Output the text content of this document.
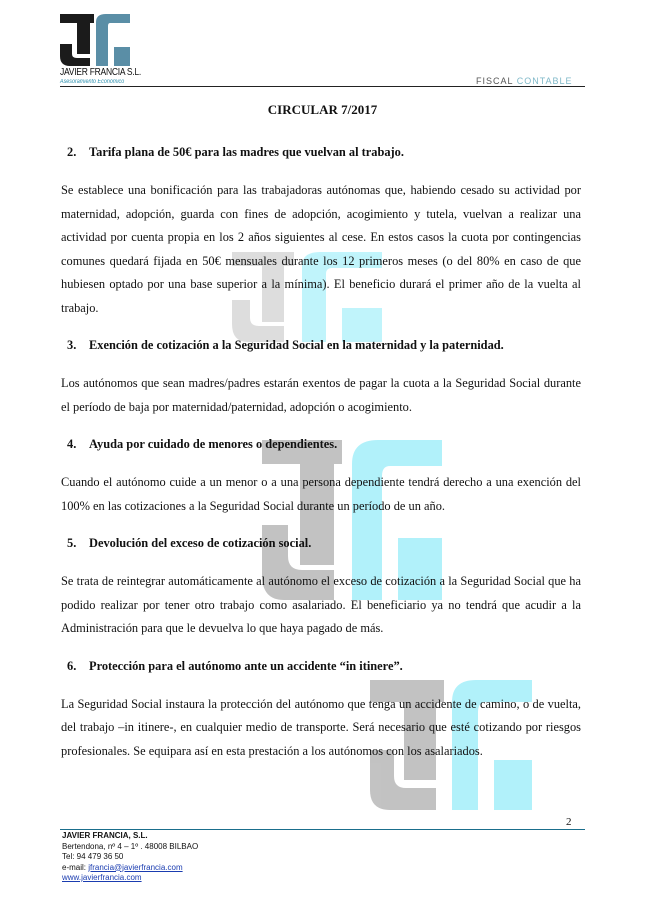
JAVIER FRANCIA S.L.
Asesoramiento Económico	FISCAL CONTABLE
CIRCULAR 7/2017
2. Tarifa plana de 50€ para las madres que vuelvan al trabajo.
Se establece una bonificación para las trabajadoras autónomas que, habiendo cesado su actividad por maternidad, adopción, guarda con fines de adopción, acogimiento y tutela, vuelvan a realizar una actividad por cuenta propia en los 2 años siguientes al cese. En estos casos la cuota por contingencias comunes quedará fijada en 50€ mensuales durante los 12 primeros meses (o del 80% en caso de que hubiesen optado por una base superior a la mínima). El beneficio durará el primer año de la vuelta al trabajo.
3. Exención de cotización a la Seguridad Social en la maternidad y la paternidad.
Los autónomos que sean madres/padres estarán exentos de pagar la cuota a la Seguridad Social durante el período de baja por maternidad/paternidad, adopción o acogimiento.
4. Ayuda por cuidado de menores o dependientes.
Cuando el autónomo cuide a un menor o a una persona dependiente tendrá derecho a una exención del 100% en las cotizaciones a la Seguridad Social durante un período de un año.
5. Devolución del exceso de cotización social.
Se trata de reintegrar automáticamente al autónomo el exceso de cotización a la Seguridad Social que ha podido realizar por tener otro trabajo como asalariado. El beneficiario ya no tendrá que acudir a la Administración para que le devuelva lo que haya pagado de más.
6. Protección para el autónomo ante un accidente “in itinere”.
La Seguridad Social instaura la protección del autónomo que tenga un accidente de camino, o de vuelta, del trabajo –in itinere-, en cualquier medio de transporte. Será necesario que esté cotizando por riesgos profesionales. Se equipara así en esta prestación a los autónomos con los asalariados.
2
JAVIER FRANCIA, S.L.
Bertendona, nº 4 – 1º . 48008 BILBAO
Tel: 94 479 36 50
e-mail: jfrancia@javierfrancia.com
www.javierfrancia.com
